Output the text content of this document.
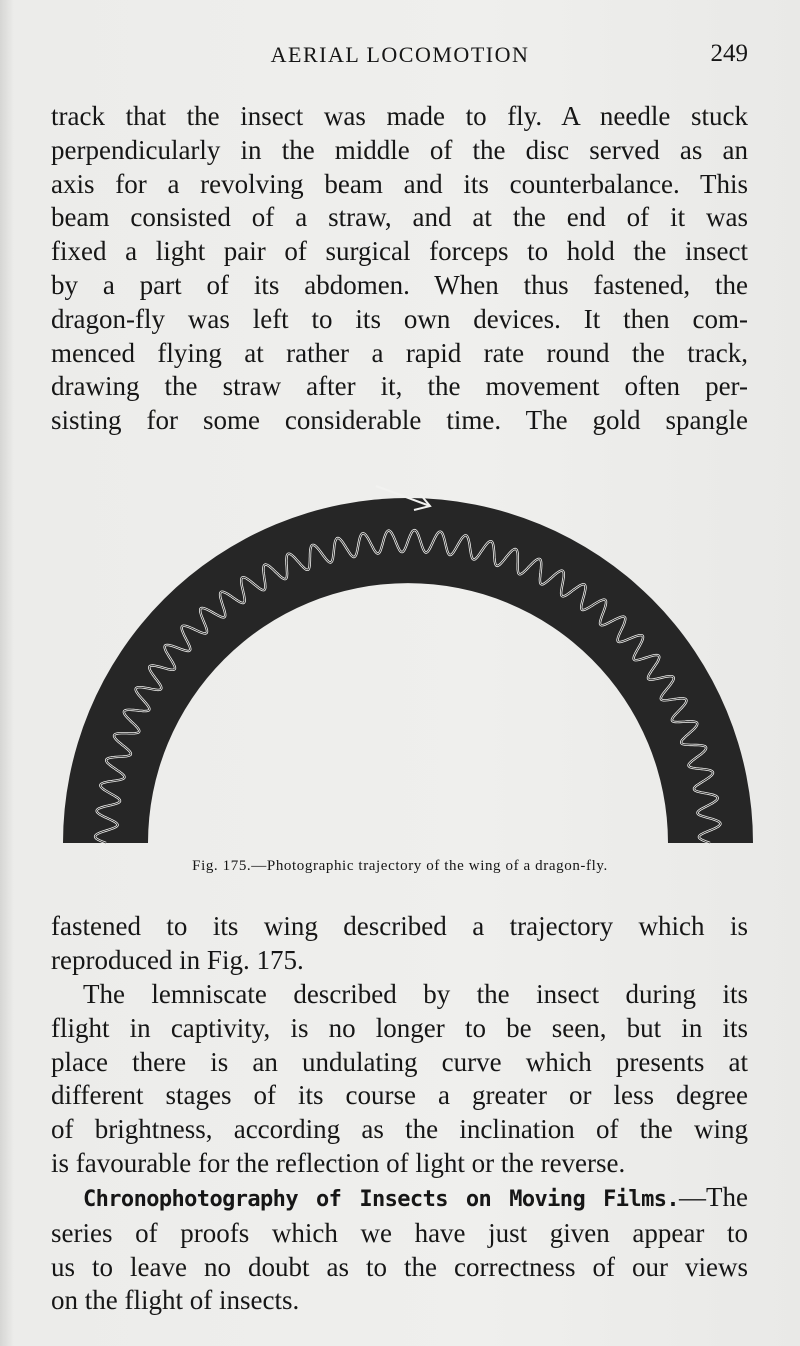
AERIAL LOCOMOTION	249
track that the insect was made to fly. A needle stuck
perpendicularly in the middle of the disc served as an
axis for a revolving beam and its counterbalance. This
beam consisted of a straw, and at the end of it was
fixed a light pair of surgical forceps to hold the insect
by a part of its abdomen. When thus fastened, the
dragon-fly was left to its own devices. It then com-
menced flying at rather a rapid rate round the track,
drawing the straw after it, the movement often per-
sisting for some considerable time. The gold spangle
Fig. 175.—Photographic trajectory of the wing of a dragon-fly.
fastened to its wing described a trajectory which is
reproduced in Fig. 175.
The lemniscate described by the insect during its
flight in captivity, is no longer to be seen, but in its
place there is an undulating curve which presents at
different stages of its course a greater or less degree
of brightness, according as the inclination of the wing
is favourable for the reflection of light or the reverse.
Chronophotography of Insects on Moving Films.—The
series of proofs which we have just given appear to
us to leave no doubt as to the correctness of our views
on the flight of insects.
